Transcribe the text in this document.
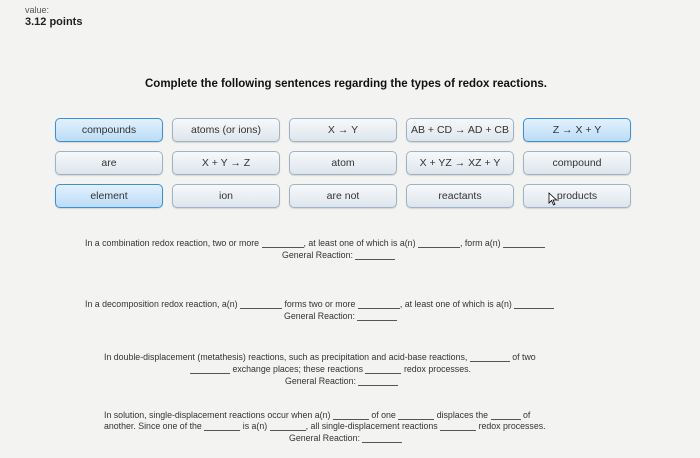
value:
3.12 points
Complete the following sentences regarding the types of redox reactions.
compounds	atoms (or ions)	X → Y	AB + CD → AD + CB	Z → X + Y
are	X + Y → Z	atom	X + YZ → XZ + Y	compound
element	ion	are not	reactants	products
In a combination redox reaction, two or more	, at least one of which is a(n)	, form a(n)
General Reaction:
In a decomposition redox reaction, a(n)	forms two or more	, at least one of which is a(n)
General Reaction:
In double-displacement (metathesis) reactions, such as precipitation and acid-base reactions,	of two
exchange places; these reactions	redox processes.
General Reaction:
In solution, single-displacement reactions occur when a(n)	of one	displaces the	of
another. Since one of the	is a(n)	, all single-displacement reactions	redox processes.
General Reaction:
